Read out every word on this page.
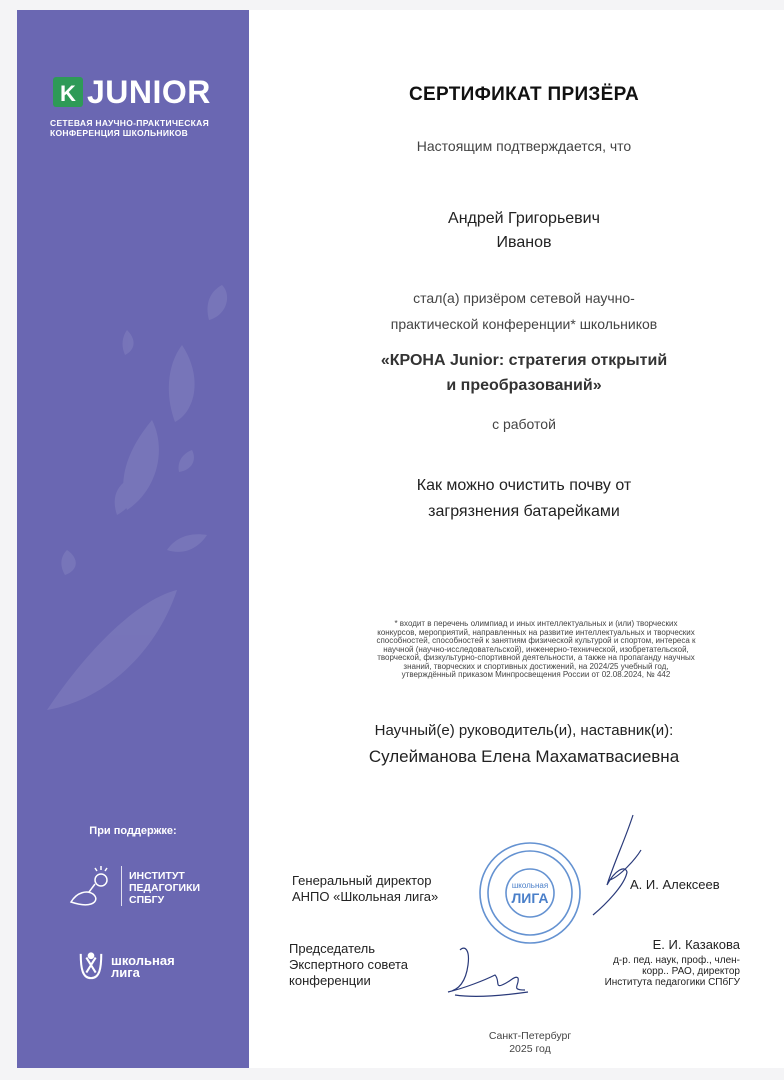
K JUNIOR
СЕТЕВАЯ НАУЧНО-ПРАКТИЧЕСКАЯ КОНФЕРЕНЦИЯ ШКОЛЬНИКОВ
При поддержке:
ИНСТИТУТ
ПЕДАГОГИКИ
СПБГУ
школьная
лига
СЕРТИФИКАТ ПРИЗЁРА
Настоящим подтверждается, что
Андрей Григорьевич
Иванов
стал(а) призёром сетевой научно-
практической конференции* школьников
«КРОНА Junior: стратегия открытий
и преобразований»
с работой
Как можно очистить почву от
загрязнения батарейками
* входит в перечень олимпиад и иных интеллектуальных и (или) творческих
конкурсов, мероприятий, направленных на развитие интеллектуальных и творческих
способностей, способностей к занятиям физической культурой и спортом, интереса к
научной (научно-исследовательской), инженерно-технической, изобретательской,
творческой, физкультурно-спортивной деятельности, а также на пропаганду научных
знаний, творческих и спортивных достижений, на 2024/25 учебный год,
утверждённый приказом Минпросвещения России от 02.08.2024, № 442
Научный(е) руководитель(и), наставник(и):
Сулейманова Елена Махаматвасиевна
Генеральный директор
АНПО «Школьная лига»
школьная
ЛИГА
А. И. Алексеев
Председатель
Экспертного совета
конференции
Е. И. Казакова
д-р. пед. наук, проф., член-
корр.. РАО, директор
Института педагогики СПбГУ
Санкт-Петербург
2025 год
